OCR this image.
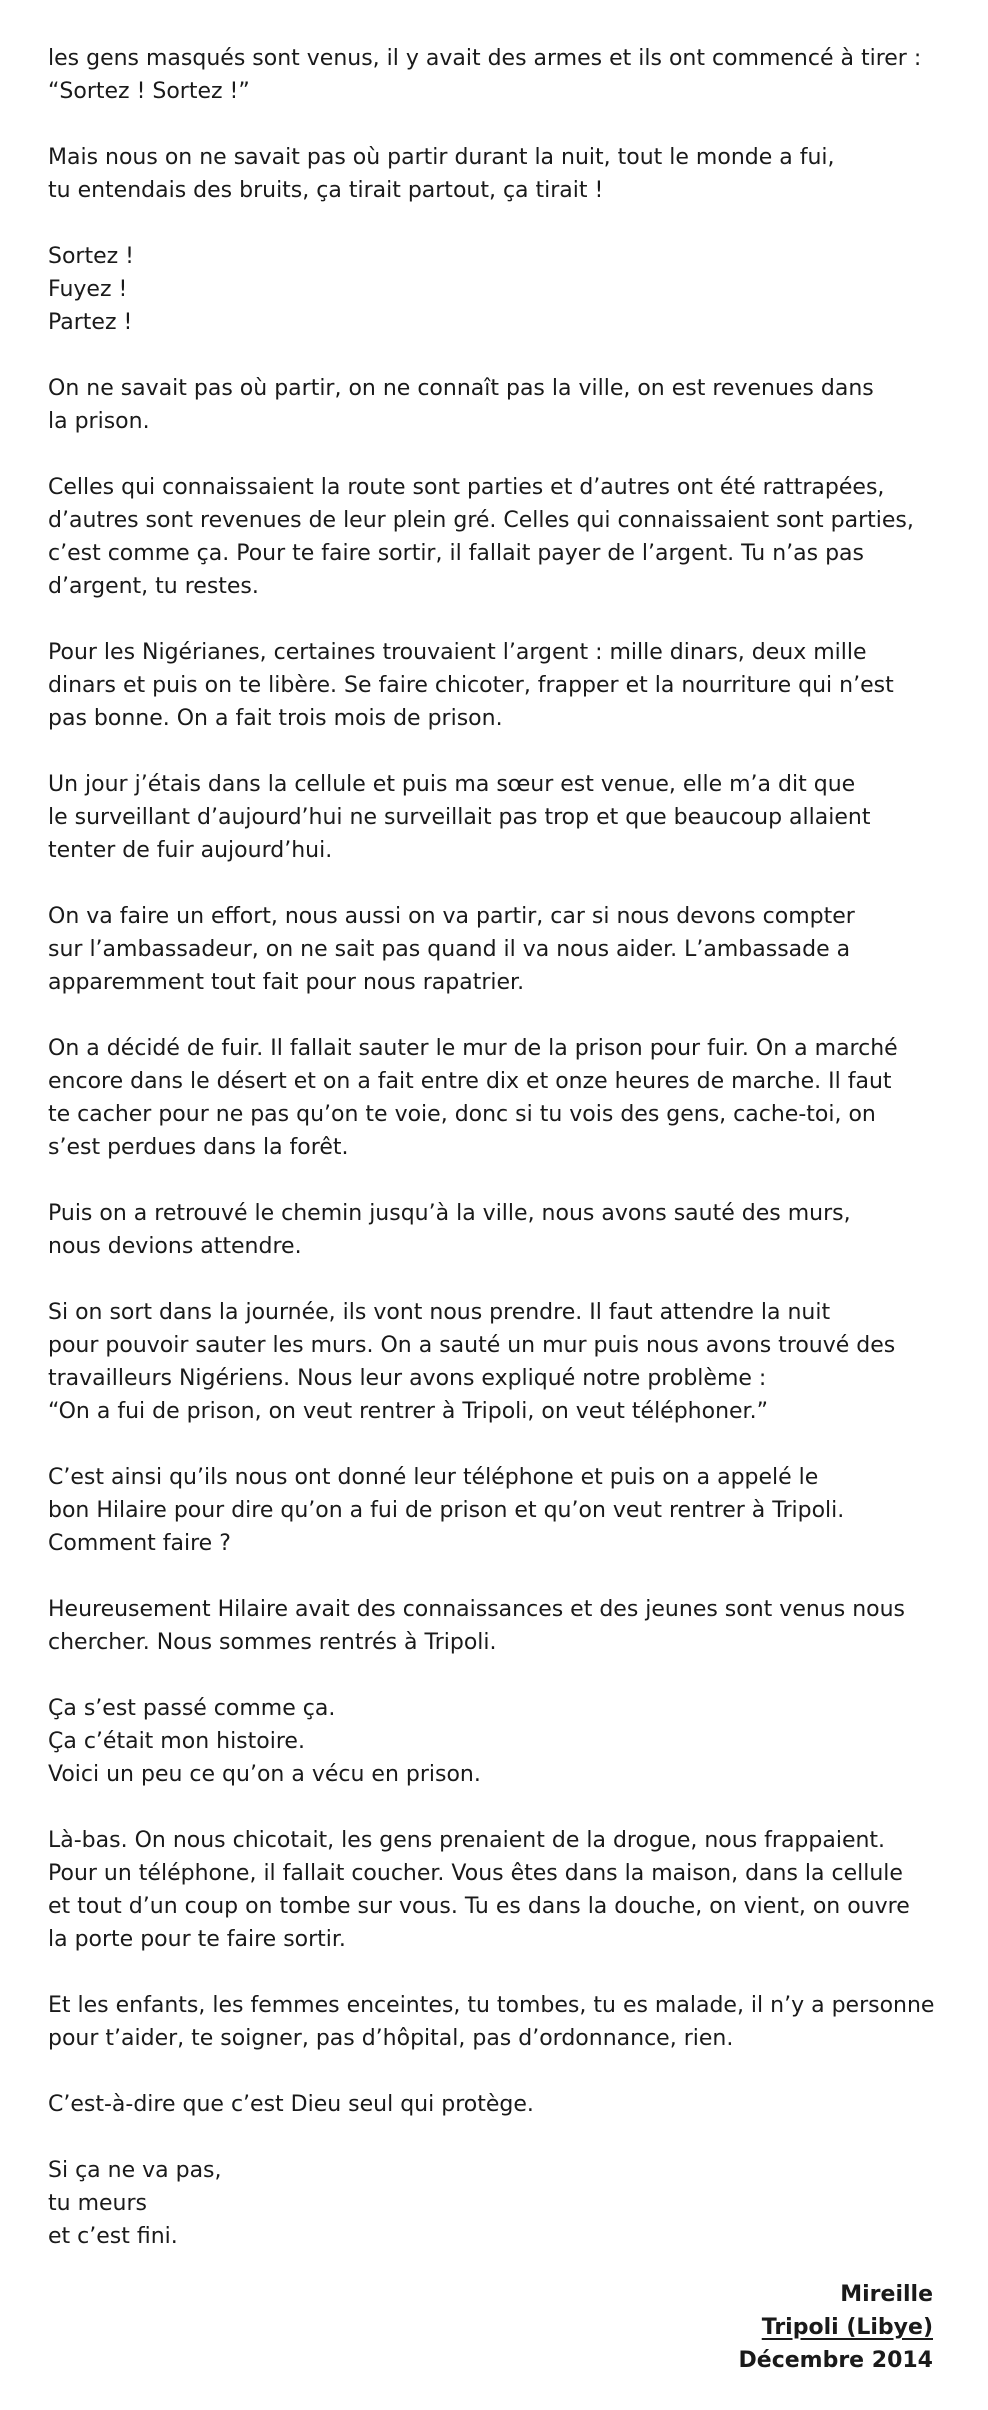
les gens masqués sont venus, il y avait des armes et ils ont commencé à tirer :
“Sortez ! Sortez !”
Mais nous on ne savait pas où partir durant la nuit, tout le monde a fui,
tu entendais des bruits, ça tirait partout, ça tirait !
Sortez !
Fuyez !
Partez !
On ne savait pas où partir, on ne connaît pas la ville, on est revenues dans
la prison.
Celles qui connaissaient la route sont parties et d’autres ont été rattrapées,
d’autres sont revenues de leur plein gré. Celles qui connaissaient sont parties,
c’est comme ça. Pour te faire sortir, il fallait payer de l’argent. Tu n’as pas
d’argent, tu restes.
Pour les Nigérianes, certaines trouvaient l’argent : mille dinars, deux mille
dinars et puis on te libère. Se faire chicoter, frapper et la nourriture qui n’est
pas bonne. On a fait trois mois de prison.
Un jour j’étais dans la cellule et puis ma sœur est venue, elle m’a dit que
le surveillant d’aujourd’hui ne surveillait pas trop et que beaucoup allaient
tenter de fuir aujourd’hui.
On va faire un effort, nous aussi on va partir, car si nous devons compter
sur l’ambassadeur, on ne sait pas quand il va nous aider. L’ambassade a
apparemment tout fait pour nous rapatrier.
On a décidé de fuir. Il fallait sauter le mur de la prison pour fuir. On a marché
encore dans le désert et on a fait entre dix et onze heures de marche. Il faut
te cacher pour ne pas qu’on te voie, donc si tu vois des gens, cache-toi, on
s’est perdues dans la forêt.
Puis on a retrouvé le chemin jusqu’à la ville, nous avons sauté des murs,
nous devions attendre.
Si on sort dans la journée, ils vont nous prendre. Il faut attendre la nuit
pour pouvoir sauter les murs. On a sauté un mur puis nous avons trouvé des
travailleurs Nigériens. Nous leur avons expliqué notre problème :
“On a fui de prison, on veut rentrer à Tripoli, on veut téléphoner.”
C’est ainsi qu’ils nous ont donné leur téléphone et puis on a appelé le
bon Hilaire pour dire qu’on a fui de prison et qu’on veut rentrer à Tripoli.
Comment faire ?
Heureusement Hilaire avait des connaissances et des jeunes sont venus nous
chercher. Nous sommes rentrés à Tripoli.
Ça s’est passé comme ça.
Ça c’était mon histoire.
Voici un peu ce qu’on a vécu en prison.
Là-bas. On nous chicotait, les gens prenaient de la drogue, nous frappaient.
Pour un téléphone, il fallait coucher. Vous êtes dans la maison, dans la cellule
et tout d’un coup on tombe sur vous. Tu es dans la douche, on vient, on ouvre
la porte pour te faire sortir.
Et les enfants, les femmes enceintes, tu tombes, tu es malade, il n’y a personne
pour t’aider, te soigner, pas d’hôpital, pas d’ordonnance, rien.
C’est-à-dire que c’est Dieu seul qui protège.
Si ça ne va pas,
tu meurs
et c’est fini.
Mireille
Tripoli (Libye)
Décembre 2014
